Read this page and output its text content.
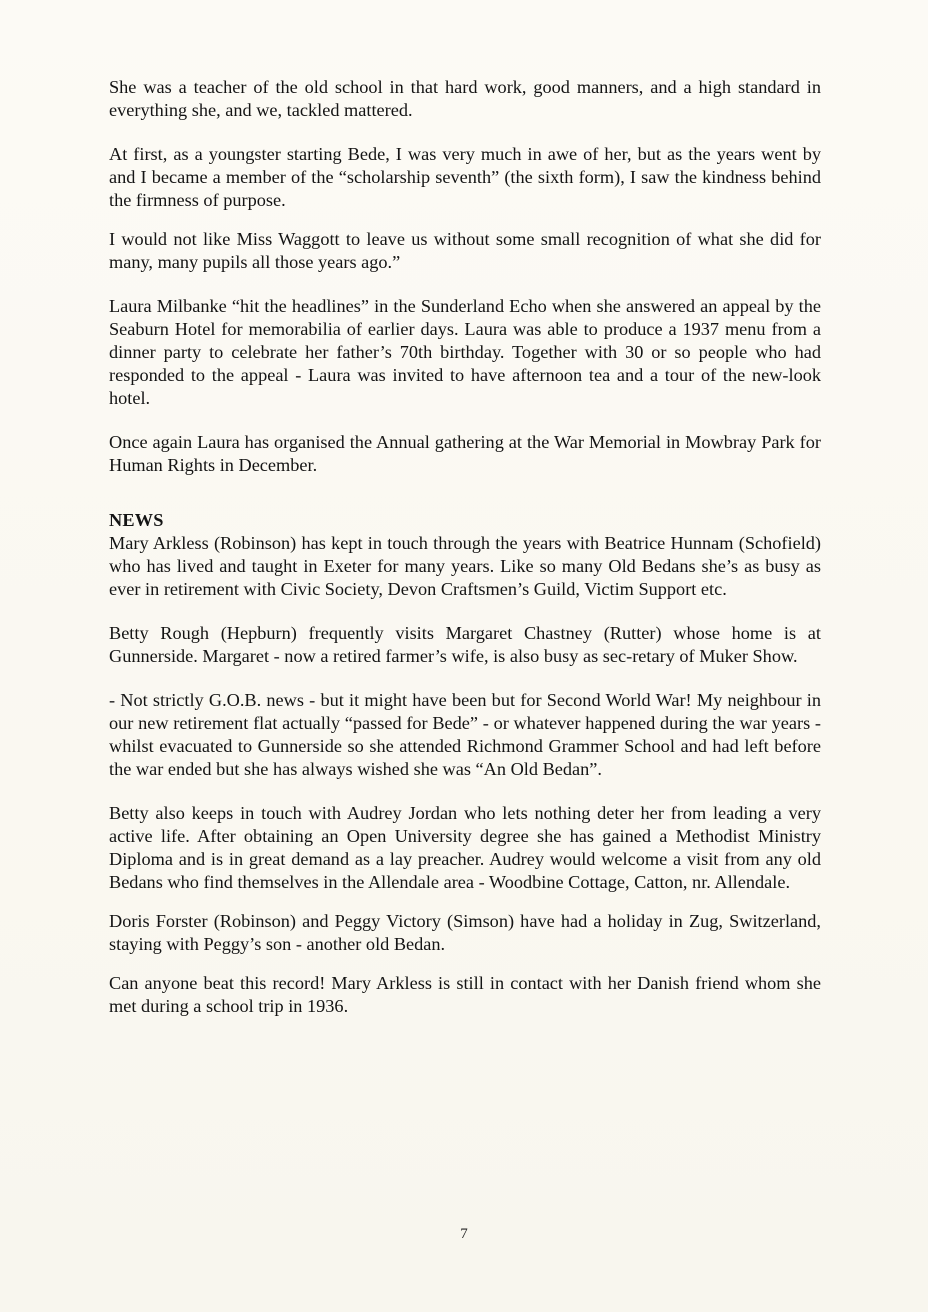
She was a teacher of the old school in that hard work, good manners, and a high standard in everything she, and we, tackled mattered.

At first, as a youngster starting Bede, I was very much in awe of her, but as the years went by and I became a member of the “scholarship seventh” (the sixth form), I saw the kindness behind the firmness of purpose.

I would not like Miss Waggott to leave us without some small recognition of what she did for many, many pupils all those years ago.”

Laura Milbanke “hit the headlines” in the Sunderland Echo when she answered an appeal by the Seaburn Hotel for memorabilia of earlier days. Laura was able to produce a 1937 menu from a dinner party to celebrate her father’s 70th birthday. Together with 30 or so people who had responded to the appeal - Laura was invited to have afternoon tea and a tour of the new-look hotel.

Once again Laura has organised the Annual gathering at the War Memorial in Mowbray Park for Human Rights in December.

NEWS

Mary Arkless (Robinson) has kept in touch through the years with Beatrice Hunnam (Schofield) who has lived and taught in Exeter for many years. Like so many Old Bedans she’s as busy as ever in retirement with Civic Society, Devon Craftsmen’s Guild, Victim Support etc.

Betty Rough (Hepburn) frequently visits Margaret Chastney (Rutter) whose home is at Gunnerside. Margaret - now a retired farmer’s wife, is also busy as sec-retary of Muker Show.

- Not strictly G.O.B. news - but it might have been but for Second World War! My neighbour in our new retirement flat actually “passed for Bede” - or whatever happened during the war years - whilst evacuated to Gunnerside so she attended Richmond Grammer School and had left before the war ended but she has always wished she was “An Old Bedan”.

Betty also keeps in touch with Audrey Jordan who lets nothing deter her from leading a very active life. After obtaining an Open University degree she has gained a Methodist Ministry Diploma and is in great demand as a lay preacher. Audrey would welcome a visit from any old Bedans who find themselves in the Allendale area - Woodbine Cottage, Catton, nr. Allendale.

Doris Forster (Robinson) and Peggy Victory (Simson) have had a holiday in Zug, Switzerland, staying with Peggy’s son - another old Bedan.

Can anyone beat this record! Mary Arkless is still in contact with her Danish friend whom she met during a school trip in 1936.

7
